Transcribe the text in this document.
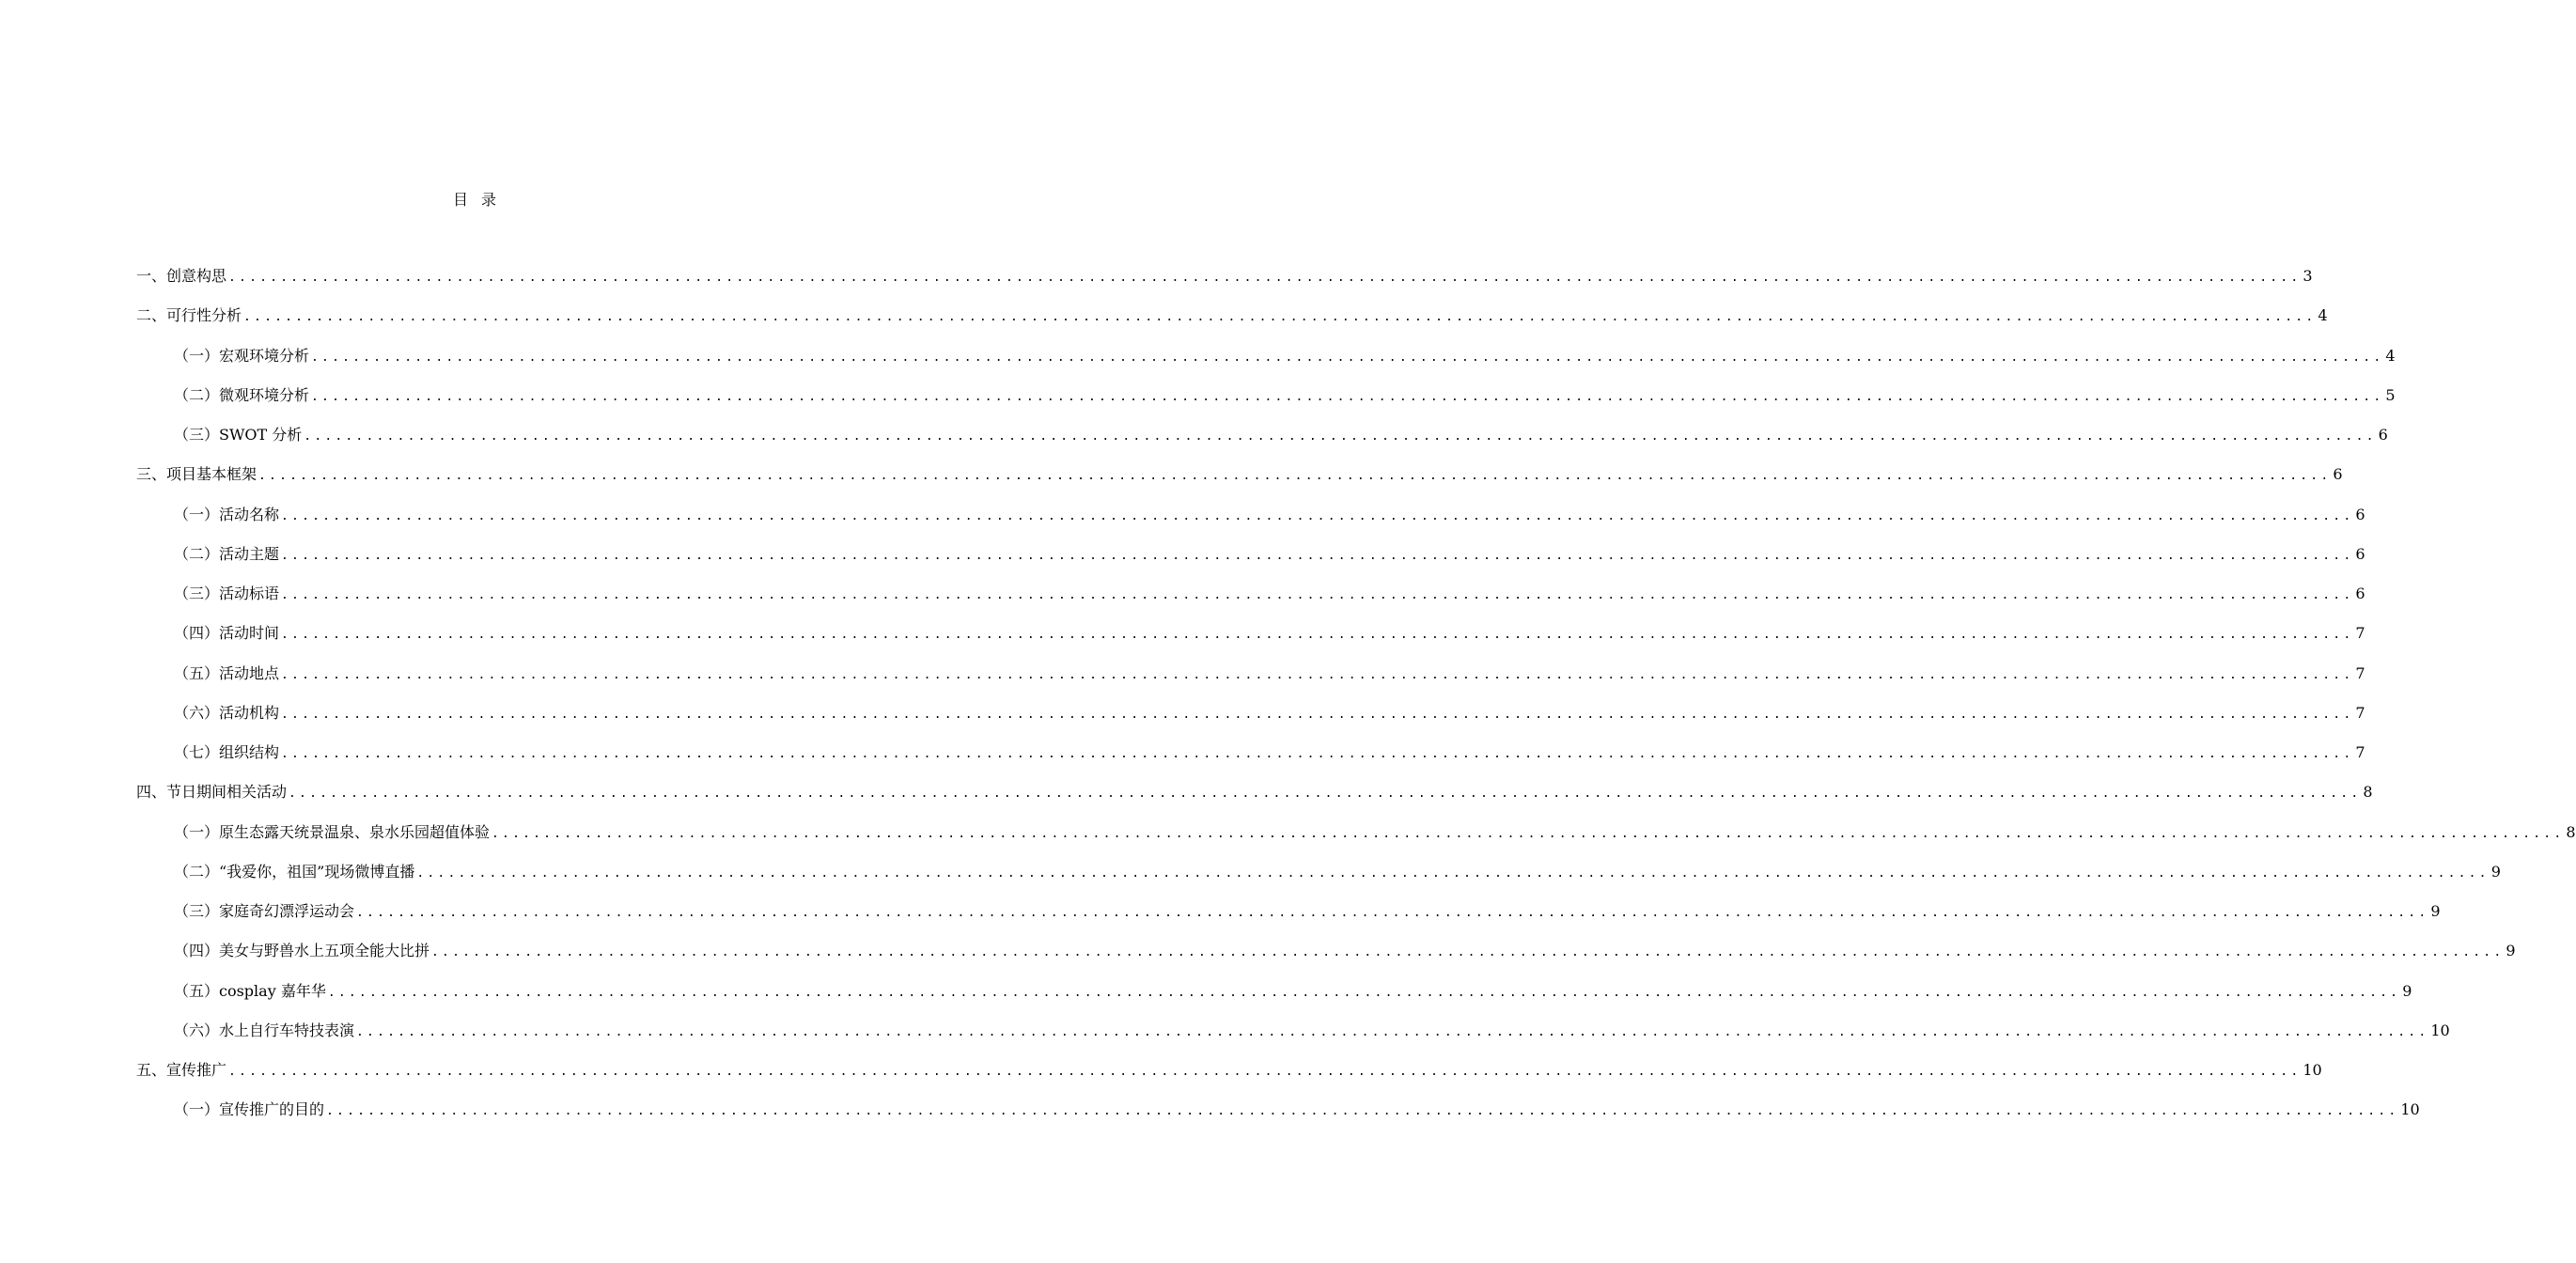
目录
一、创意构思 ........................................................................................................................................................................................................ 3
二、可行性分析 ........................................................................................................................................................................................................ 4
（一）宏观环境分析 ........................................................................................................................................................................................................ 4
（二）微观环境分析 ........................................................................................................................................................................................................ 5
（三）SWOT 分析 ........................................................................................................................................................................................................ 6
三、项目基本框架 ........................................................................................................................................................................................................ 6
（一）活动名称 ........................................................................................................................................................................................................ 6
（二）活动主题 ........................................................................................................................................................................................................ 6
（三）活动标语 ........................................................................................................................................................................................................ 6
（四）活动时间 ........................................................................................................................................................................................................ 7
（五）活动地点 ........................................................................................................................................................................................................ 7
（六）活动机构 ........................................................................................................................................................................................................ 7
（七）组织结构 ........................................................................................................................................................................................................ 7
四、节日期间相关活动 ........................................................................................................................................................................................................ 8
（一）原生态露天统景温泉、泉水乐园超值体验 ........................................................................................................................................................................................................ 8
（二）“我爱你，祖国”现场微博直播 ........................................................................................................................................................................................................ 9
（三）家庭奇幻漂浮运动会 ........................................................................................................................................................................................................ 9
（四）美女与野兽水上五项全能大比拼 ........................................................................................................................................................................................................ 9
（五）cosplay 嘉年华 ........................................................................................................................................................................................................ 9
（六）水上自行车特技表演 ........................................................................................................................................................................................................ 10
五、宣传推广 ........................................................................................................................................................................................................ 10
（一）宣传推广的目的 ........................................................................................................................................................................................................ 10
